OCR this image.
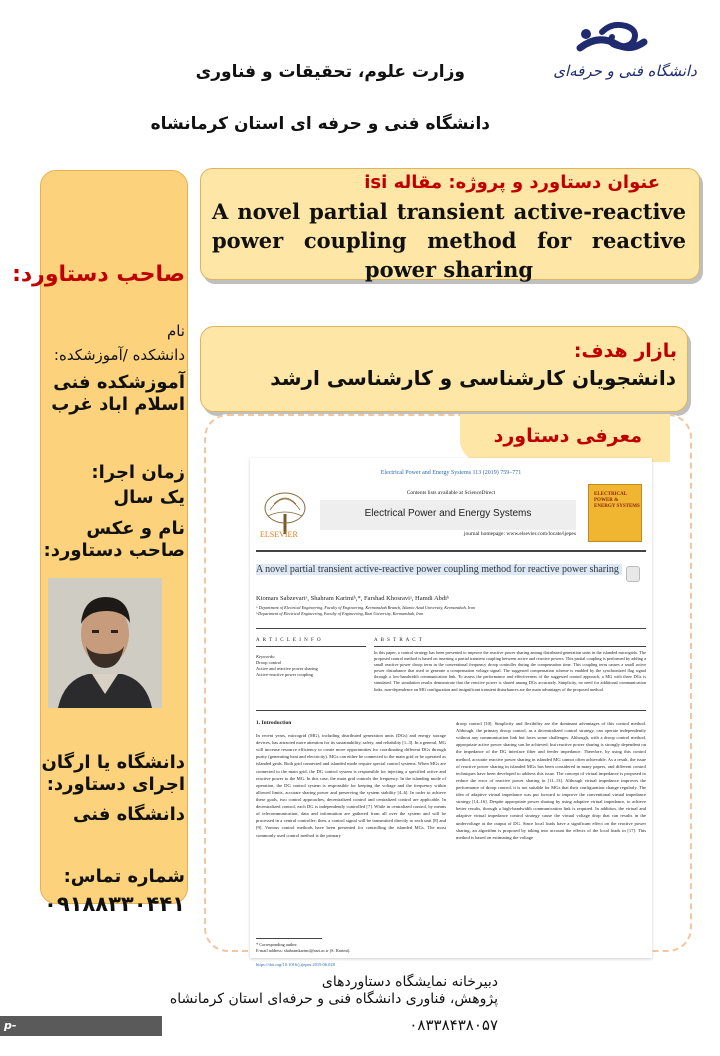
دانشگاه فنی و حرفه‌ای
وزارت علوم، تحقیقات و فناوری
دانشگاه فنی و حرفه ای استان کرمانشاه
صاحب دستاورد:
نام
دانشکده /آموزشکده:
آموزشکده فنی اسلام اباد غرب
زمان اجرا:
یک سال
نام و عکس صاحب دستاورد:
دانشگاه یا ارگان اجرای دستاورد:
دانشگاه فنی
شماره تماس:
۰۹۱۸۸۳۳۰۴۴۱
عنوان دستاورد و پروژه: مقاله isi
A novel partial transient active-reactive power coupling method for reactive power sharing
بازار هدف:
دانشجویان کارشناسی و کارشناسی ارشد
معرفی دستاورد
Electrical Power and Energy Systems 113 (2019) 759–771
ELSEVIER
Contents lists available at ScienceDirect
Electrical Power and Energy Systems
journal homepage: www.elsevier.com/locate/ijepes
ELECTRICAL POWER & ENERGY SYSTEMS
A novel partial transient active-reactive power coupling method for reactive power sharing
Kiomars Sabzevariᵃ, Shahram Karimiᵇ,*, Farshad Khosraviᵃ, Hamdi Abdiᵇ
ᵃ Department of Electrical Engineering, Faculty of Engineering, Kermanshah Branch, Islamic Azad University, Kermanshah, Iran
ᵇ Department of Electrical Engineering, Faculty of Engineering, Razi University, Kermanshah, Iran
A R T I C L E I N F O	A B S T R A C T
Keywords:
Droop control
Active and reactive power sharing
Active-reactive power coupling
In this paper, a control strategy has been presented to improve the reactive power sharing among distributed generation units in the islanded microgrids. The proposed control method is based on inserting a partial transient coupling between active and reactive powers. This partial coupling is performed by adding a small reactive power droop term in the conventional frequency droop controller during the compensation time. This coupling term causes a small active power disturbance that used to generate a compensation voltage signal. The suggested compensation scheme is enabled by the synchronized flag signal through a low-bandwidth communication link. To assess the performance and effectiveness of the suggested control approach, a MG with three DGs is simulated. The simulation results demonstrate that the reactive power is shared among DGs accurately. Simplicity, no need for additional communication links, non-dependence on MG configuration and insignificant transient disturbances are the main advantages of the proposed method.
1. Introduction
In recent years, microgrid (MG), including distributed generation units (DGs) and energy storage devices, has attracted more attention for its sustainability, safety, and reliability [1–3]. In a general, MG will increase resource efficiency to create more opportunities for coordinating different DGs through purity (generating heat and electricity). MGs can either be connected to the main grid or be operated as islanded grids. Both grid connected and islanded mode require special control systems. When MGs are connected to the main grid, the DG control system is responsible for injecting a specified active and reactive power to the MG. In this case, the main grid controls the frequency. In the islanding mode of operation, the DG control system is responsible for keeping the voltage and the frequency within allowed limits, accurate sharing power and preserving the system stability [4–6]. In order to achieve these goals, two control approaches, decentralized control and centralized control are applicable. In decentralized control, each DG is independently controlled [7]. While in centralized control, by means of telecommunication, data and information are gathered from all over the system and will be processed in a central controller; then, a control signal will be transmitted directly to each unit [8] and [9]. Various control methods have been presented for controlling the islanded MGs. The most commonly used control method is the primary
droop control [10]. Simplicity and flexibility are the dominant advantages of this control method. Although, the primary droop control, as a decentralized control strategy, can operate independently without any communication link but faces some challenges. Although, with a droop control method, appropriate active power sharing can be achieved, but reactive power sharing is strongly dependent on the impedance of the DG interface filter and feeder impedance. Therefore, by using this control method, accurate reactive power sharing in islanded MG cannot often achievable. As a result, the issue of reactive power sharing in islanded MGs has been considered in many papers, and different control techniques have been developed to address this issue. The concept of virtual impedance is proposed to reduce the error of reactive power sharing in [11–13]. Although virtual impedance improves the performance of droop control, it is not suitable for MGs that their configuration change regularly. The idea of adaptive virtual impedance was put forward to improve the conventional virtual impedance strategy [14–16]. Despite appropriate power sharing by using adaptive virtual impedance, to achieve better results, through a high-bandwidth communication link is required. In addition, the virtual and adaptive virtual impedance control strategy cause the virtual voltage drop that can results in the undervoltage at the output of DG. Since local loads have a significant effect on the reactive power sharing, an algorithm is proposed by taking into account the effects of the local loads in [17]. This method is based on estimating the voltage
* Corresponding author.
E-mail address: shahramkarimi@razi.ac.ir (S. Karimi).
https://doi.org/10.1016/j.ijepes.2019.06.028
دبیرخانه نمایشگاه دستاوردهای
پژوهش، فناوری دانشگاه فنی و حرفه‌ای استان کرمانشاه
۰۸۳۳۸۴۳۸۰۵۷
p-islamabadgharb.nus.ac.ir
